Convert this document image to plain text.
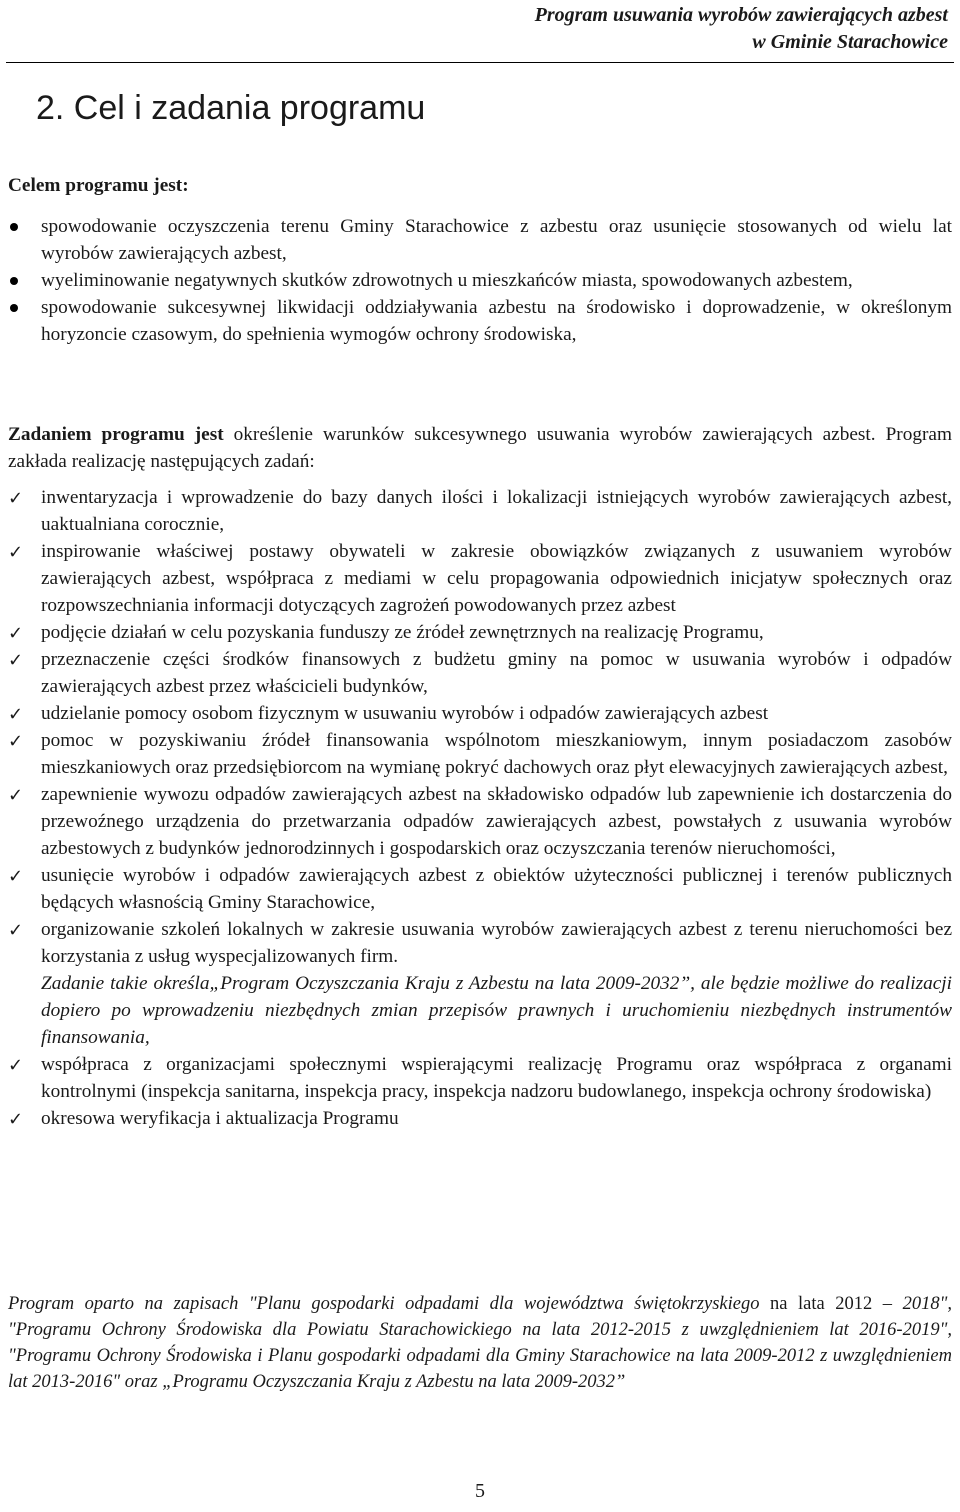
Program usuwania wyrobów zawierających azbest
w Gminie Starachowice
2. Cel i zadania programu

Celem programu jest:

spowodowanie oczyszczenia terenu Gminy Starachowice z azbestu oraz usunięcie stosowanych od wielu lat wyrobów zawierających azbest,
wyeliminowanie negatywnych skutków zdrowotnych u mieszkańców miasta, spowodowanych azbestem,
spowodowanie sukcesywnej likwidacji oddziaływania azbestu na środowisko i doprowadzenie, w określonym horyzoncie czasowym, do spełnienia wymogów ochrony środowiska,

Zadaniem programu jest określenie warunków sukcesywnego usuwania wyrobów zawierających azbest. Program zakłada realizację następujących zadań:

✓ inwentaryzacja i wprowadzenie do bazy danych ilości i lokalizacji istniejących wyrobów zawierających azbest, uaktualniana corocznie,
✓ inspirowanie właściwej postawy obywateli w zakresie obowiązków związanych z usuwaniem wyrobów zawierających azbest, współpraca z mediami w celu propagowania odpowiednich inicjatyw społecznych oraz rozpowszechniania informacji dotyczących zagrożeń powodowanych przez azbest
✓ podjęcie działań w celu pozyskania funduszy ze źródeł zewnętrznych na realizację Programu,
✓ przeznaczenie części środków finansowych z budżetu gminy na pomoc w usuwania wyrobów i odpadów zawierających azbest przez właścicieli budynków,
✓ udzielanie pomocy osobom fizycznym w usuwaniu wyrobów i odpadów zawierających azbest
✓ pomoc w pozyskiwaniu źródeł finansowania wspólnotom mieszkaniowym, innym posiadaczom zasobów mieszkaniowych oraz przedsiębiorcom na wymianę pokryć dachowych oraz płyt elewacyjnych zawierających azbest,
✓ zapewnienie wywozu odpadów zawierających azbest na składowisko odpadów lub zapewnienie ich dostarczenia do przewoźnego urządzenia do przetwarzania odpadów zawierających azbest, powstałych z usuwania wyrobów azbestowych z budynków jednorodzinnych i gospodarskich oraz oczyszczania terenów nieruchomości,
✓ usunięcie wyrobów i odpadów zawierających azbest z obiektów użyteczności publicznej i terenów publicznych będących własnością Gminy Starachowice,
✓ organizowanie szkoleń lokalnych w zakresie usuwania wyrobów zawierających azbest z terenu nieruchomości bez korzystania z usług wyspecjalizowanych firm.
Zadanie takie określa„Program Oczyszczania Kraju z Azbestu na lata 2009-2032”, ale będzie możliwe do realizacji dopiero po wprowadzeniu niezbędnych zmian przepisów prawnych i uruchomieniu niezbędnych instrumentów finansowania,
✓ współpraca z organizacjami społecznymi wspierającymi realizację Programu oraz współpraca z organami kontrolnymi (inspekcja sanitarna, inspekcja pracy, inspekcja nadzoru budowlanego, inspekcja ochrony środowiska)
✓ okresowa weryfikacja i aktualizacja Programu

Program oparto na zapisach "Planu gospodarki odpadami dla województwa świętokrzyskiego na lata 2012 – 2018", "Programu Ochrony Środowiska dla Powiatu Starachowickiego na lata 2012-2015 z uwzględnieniem lat 2016-2019", "Programu Ochrony Środowiska i Planu gospodarki odpadami dla Gminy Starachowice na lata 2009-2012 z uwzględnieniem lat 2013-2016" oraz „Programu Oczyszczania Kraju z Azbestu na lata 2009-2032”

5
